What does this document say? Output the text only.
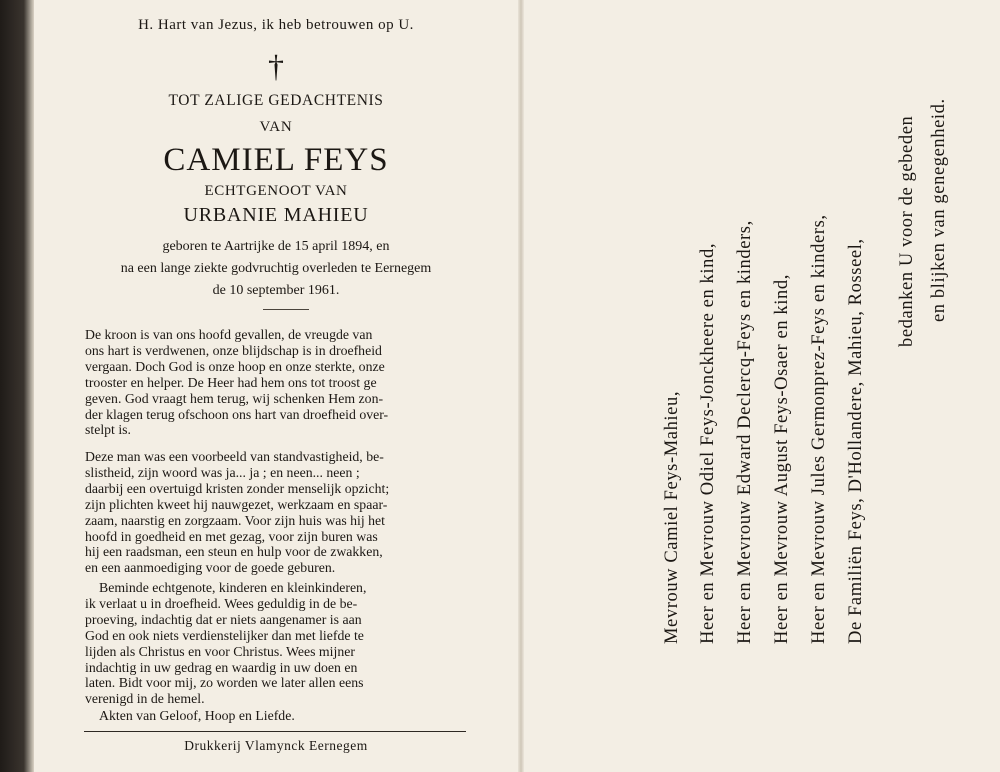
H. Hart van Jezus, ik heb betrouwen op U.
†
TOT ZALIGE GEDACHTENIS
VAN
CAMIEL FEYS
ECHTGENOOT VAN
URBANIE MAHIEU
geboren te Aartrijke de 15 april 1894, en
na een lange ziekte godvruchtig overleden te Eernegem
de 10 september 1961.
De kroon is van ons hoofd gevallen, de vreugde van
ons hart is verdwenen, onze blijdschap is in droefheid
vergaan. Doch God is onze hoop en onze sterkte, onze
trooster en helper. De Heer had hem ons tot troost ge
geven. God vraagt hem terug, wij schenken Hem zon-
der klagen terug ofschoon ons hart van droefheid over-
stelpt is.
Deze man was een voorbeeld van standvastigheid, be-
slistheid, zijn woord was ja... ja ; en neen... neen ;
daarbij een overtuigd kristen zonder menselijk opzicht;
zijn plichten kweet hij nauwgezet, werkzaam en spaar-
zaam, naarstig en zorgzaam. Voor zijn huis was hij het
hoofd in goedheid en met gezag, voor zijn buren was
hij een raadsman, een steun en hulp voor de zwakken,
en een aanmoediging voor de goede geburen.
Beminde echtgenote, kinderen en kleinkinderen,
ik verlaat u in droefheid. Wees geduldig in de be-
proeving, indachtig dat er niets aangenamer is aan
God en ook niets verdienstelijker dan met liefde te
lijden als Christus en voor Christus. Wees mijner
indachtig in uw gedrag en waardig in uw doen en
laten. Bidt voor mij, zo worden we later allen eens
verenigd in de hemel.
Akten van Geloof, Hoop en Liefde.
Drukkerij Vlamynck Eernegem
Mevrouw Camiel Feys-Mahieu, Heer en Mevrouw Odiel Feys-Jonckheere en kind, Heer en Mevrouw Edward Declercq-Feys en kinders, Heer en Mevrouw August Feys-Osaer en kind, Heer en Mevrouw Jules Germonprez-Feys en kinders, De Familiën Feys, D'Hollandere, Mahieu, Rosseel,
bedanken U voor de gebeden en blijken van genegenheid.
